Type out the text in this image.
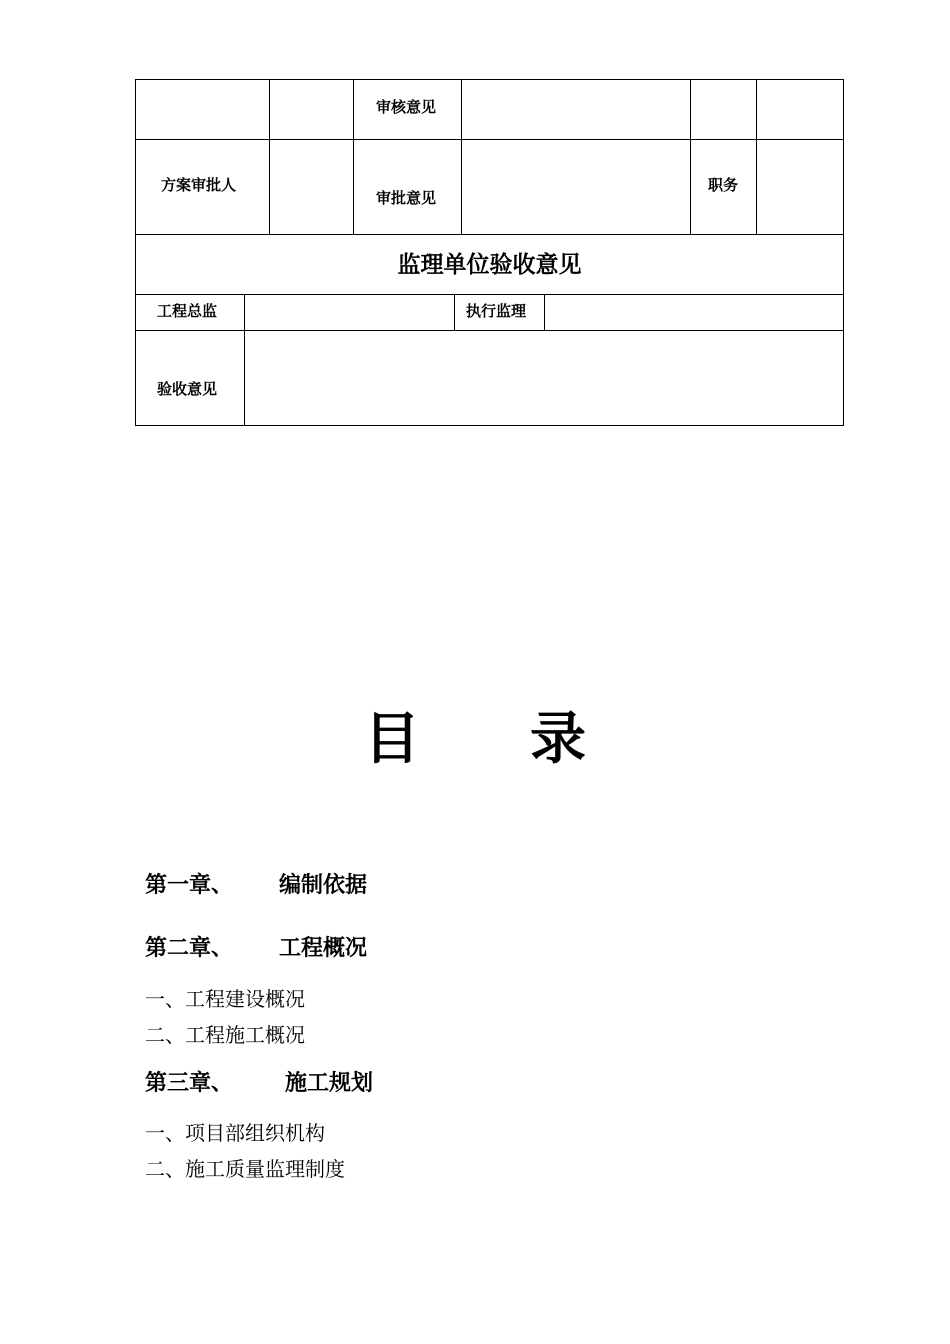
审核意见
方案审批人
审批意见
职务
监理单位验收意见
工程总监	执行监理
验收意见
目 录
第一章、 编制依据
第二章、 工程概况
一、工程建设概况
二、工程施工概况
第三章、 施工规划
一、项目部组织机构
二、施工质量监理制度
